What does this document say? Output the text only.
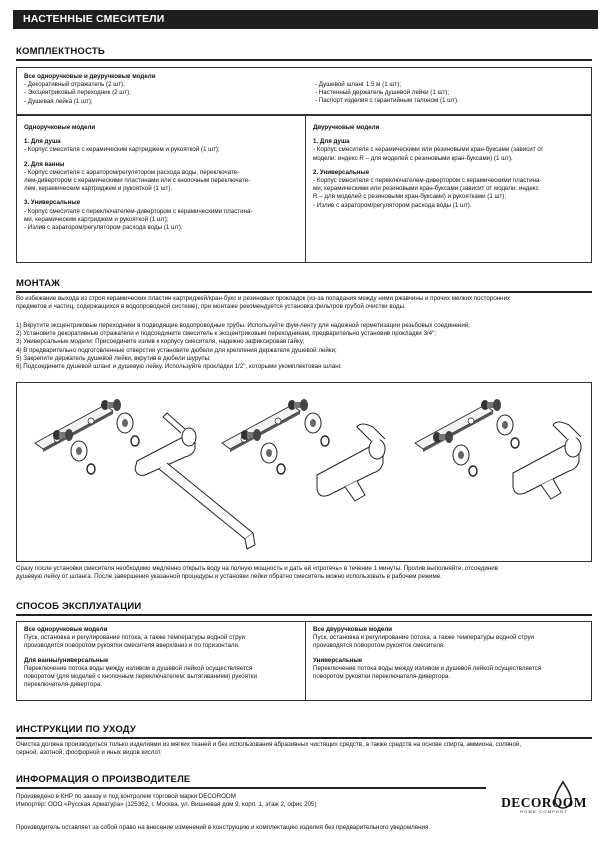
НАСТЕННЫЕ СМЕСИТЕЛИ
КОМПЛЕКТНОСТЬ

Все одноручковые и двуручковые модели

- Декоративный отражатель (2 шт);

- Эксцентриковый переходник (2 шт);

- Душевая лейка (1 шт);

- Душевой шланг 1.5 м (1 шт);

- Настенный держатель душевой лейки (1 шт);

- Паспорт изделия с гарантийным талоном (1 шт).

Одноручковые модели

1. Для душа

- Корпус смесителя с керамическим картриджем и рукояткой (1 шт);

2. Для ванны

- Корпус смесителя с аэратором/регулятором расхода воды, переключате-

лем-дивертором с керамическими пластинами или с кнопочным переключате-

лем, керамическим картриджем и рукояткой (1 шт).

3. Универсальные

- Корпус смесителя с переключателем-дивертором с керамическими пластина-

ми, керамическим картриджем и рукояткой (1 шт);

- Излив с аэратором/регулятором расхода воды (1 шт).

Двуручковые модели

1. Для душа

- Корпус смесителя с керамическими или резиновыми кран-буксами (зависит от

модели: индекс R – для моделей с резиновыми кран-буксами) (1 шт).

2. Универсальные

- Корпус смесителя с переключателем-дивертором с керамическими пластина-

ми, керамическими или резиновыми кран-буксами (зависит от модели: индекс

R – для моделей с резиновыми кран-буксами) и рукоятками (1 шт);

- Излив с аэратором/регулятором расхода воды (1 шт).

МОНТАЖ

Во избежание выхода из строя керамических пластин картриджей/кран-букс и резиновых прокладок (из-за попадания между ними ржавчины и прочих мелких посторонних

предметов и частиц, содержащихся в водопроводной системе), при монтаже рекомендуется установка фильтров грубой очистки воды.

1) Вкрутите эксцентриковые переходники в подводящие водопроводные трубы. Используйте фум-ленту для надежной герметизации резьбовых соединений;

2) Установите декоративные отражатели и подсоедините смеситель к эксцентриковым переходникам, предварительно установив прокладки 3/4";

3) Универсальные модели: Присоедините излив к корпусу смесителя, надежно зафиксировав гайку;

4) В предварительно подготовленные отверстия установите дюбели для крепления держателя душевой лейки;

5) Закрепите держатель душевой лейки, вкрутив в дюбели шурупы;

6) Подсоедините душевой шланг и душевую лейку. Используйте прокладки 1/2", которыми укомплектован шланг.

Сразу после установки смесителя необходимо медленно открыть воду на полную мощность и дать ей «протечь» в течение 1 минуты. Пролив выполняйте, отсоединив

душевую лейку от шланга. После завершения указанной процедуры и установки лейки обратно смеситель можно использовать в рабочем режиме.

СПОСОБ ЭКСПЛУАТАЦИИ

Все одноручковые модели

Пуск, остановка и регулирование потока, а также температуры водной струи

производятся поворотом рукоятки смесителя вверх/вниз и по горизонтали.

Для ванны/универсальные

Переключение потока воды между изливом и душевой лейкой осуществляется

поворотом (для моделей с кнопочным переключателем: вытягиванием) рукоятки

переключателя-дивертора.

Все двуручковые модели

Пуск, остановка и регулирование потока, а также температуры водной струи

производятся поворотом рукояток смесителя.

Универсальные

Переключение потока воды между изливом и душевой лейкой осуществляется

поворотом рукоятки переключателя-дивертора.

ИНСТРУКЦИИ ПО УХОДУ

Очистка должна производиться только изделиями из мягких тканей и без использования абразивных чистящих средств, а также средств на основе спирта, аммиона, соляной,

серной, азотной, фосфорной и иных видов кислот.

ИНФОРМАЦИЯ О ПРОИЗВОДИТЕЛЕ

Произведено в КНР по заказу и под контролем торговой марки DECOROOM

Импортёр: ООО «Русская Арматура» (125362, г. Москва, ул. Вишневая дом 9, корп. 1, этаж 2, офис 205)

Производитель оставляет за собой право на внесение изменений в конструкцию и комплектацию изделия без предварительного уведомления.

DECOROOM
HOME COMFORT
